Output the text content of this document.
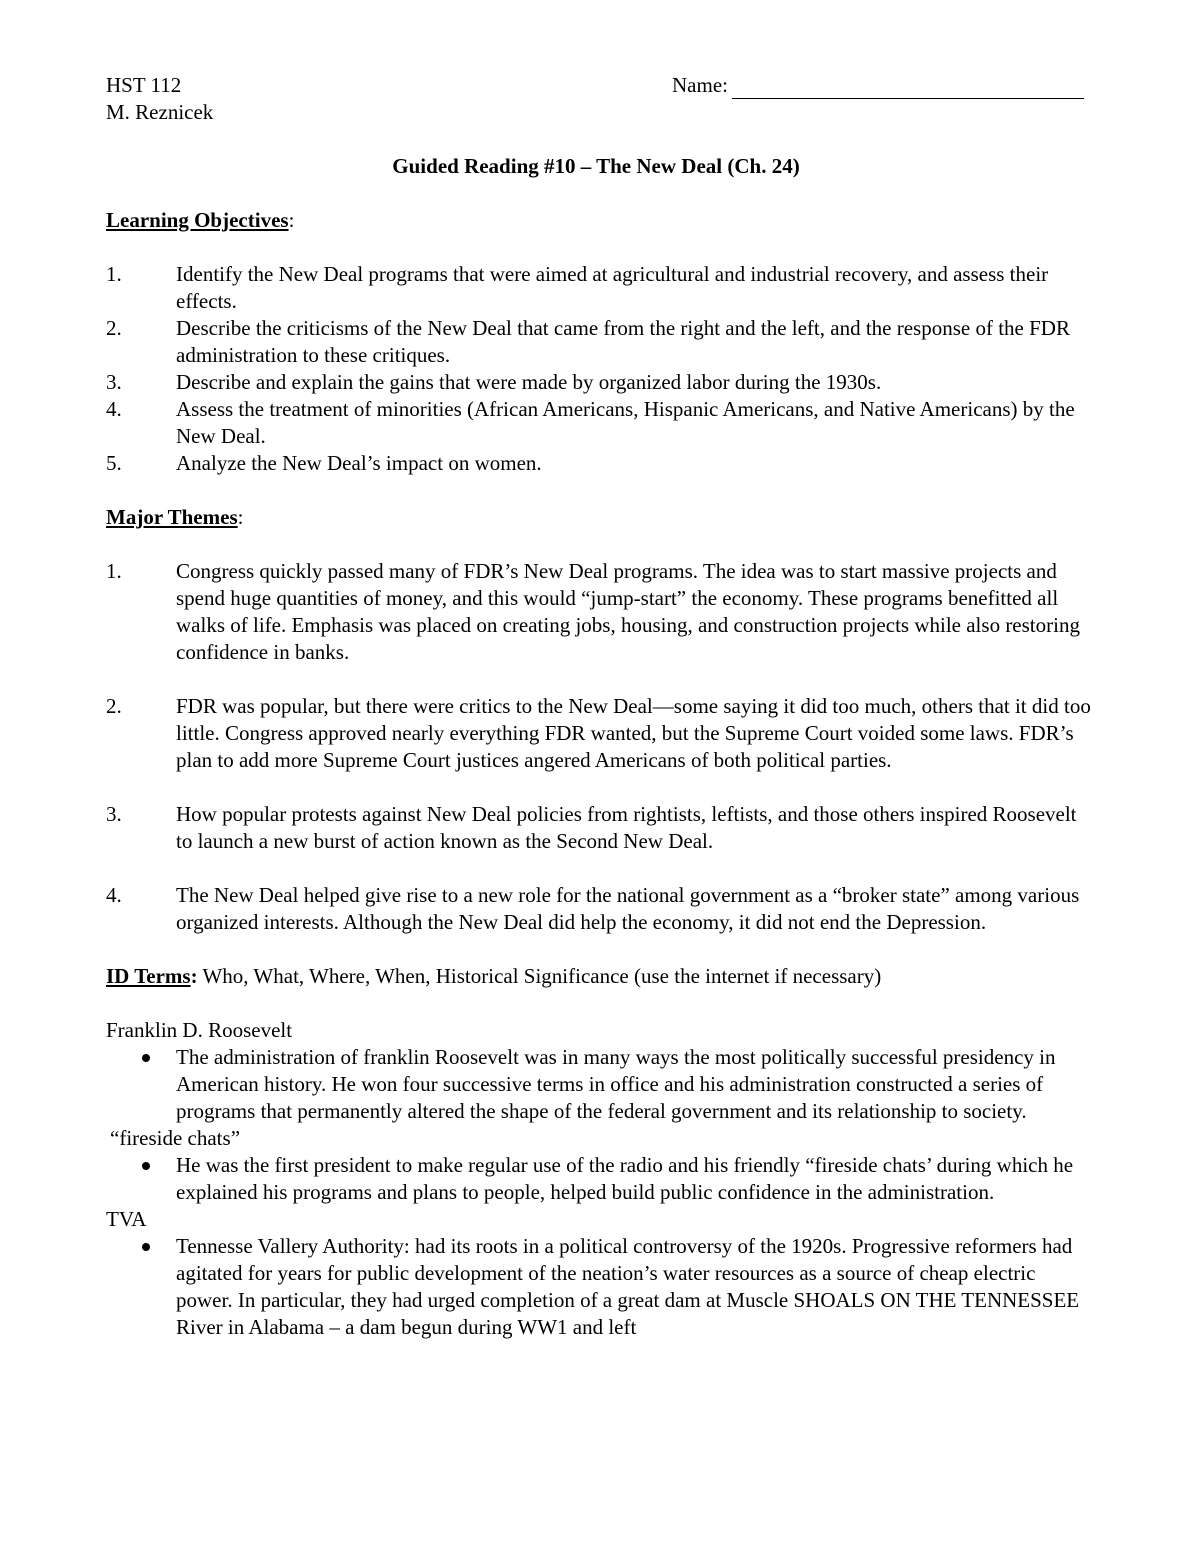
HST 112
M. Reznicek
Name:
Guided Reading #10 – The New Deal (Ch. 24)
Learning Objectives:
1.	Identify the New Deal programs that were aimed at agricultural and industrial recovery, and assess their effects.
2.	Describe the criticisms of the New Deal that came from the right and the left, and the response of the FDR administration to these critiques.
3.	Describe and explain the gains that were made by organized labor during the 1930s.
4.	Assess the treatment of minorities (African Americans, Hispanic Americans, and Native Americans) by the New Deal.
5.	Analyze the New Deal’s impact on women.
Major Themes:
1.	Congress quickly passed many of FDR’s New Deal programs. The idea was to start massive projects and spend huge quantities of money, and this would “jump-start” the economy. These programs benefitted all walks of life. Emphasis was placed on creating jobs, housing, and construction projects while also restoring confidence in banks.
2.	FDR was popular, but there were critics to the New Deal—some saying it did too much, others that it did too little. Congress approved nearly everything FDR wanted, but the Supreme Court voided some laws. FDR’s plan to add more Supreme Court justices angered Americans of both political parties.
3.	How popular protests against New Deal policies from rightists, leftists, and those others inspired Roosevelt to launch a new burst of action known as the Second New Deal.
4.	The New Deal helped give rise to a new role for the national government as a “broker state” among various organized interests. Although the New Deal did help the economy, it did not end the Depression.
ID Terms: Who, What, Where, When, Historical Significance (use the internet if necessary)
Franklin D. Roosevelt
The administration of franklin Roosevelt was in many ways the most politically successful presidency in American history. He won four successive terms in office and his administration constructed a series of programs that permanently altered the shape of the federal government and its relationship to society.
“fireside chats”
He was the first president to make regular use of the radio and his friendly “fireside chats’ during which he explained his programs and plans to people, helped build public confidence in the administration.
TVA
Tennesse Vallery Authority: had its roots in a political controversy of the 1920s. Progressive reformers had agitated for years for public development of the neation’s water resources as a source of cheap electric power. In particular, they had urged completion of a great dam at Muscle SHOALS ON THE TENNESSEE River in Alabama – a dam begun during WW1 and left
